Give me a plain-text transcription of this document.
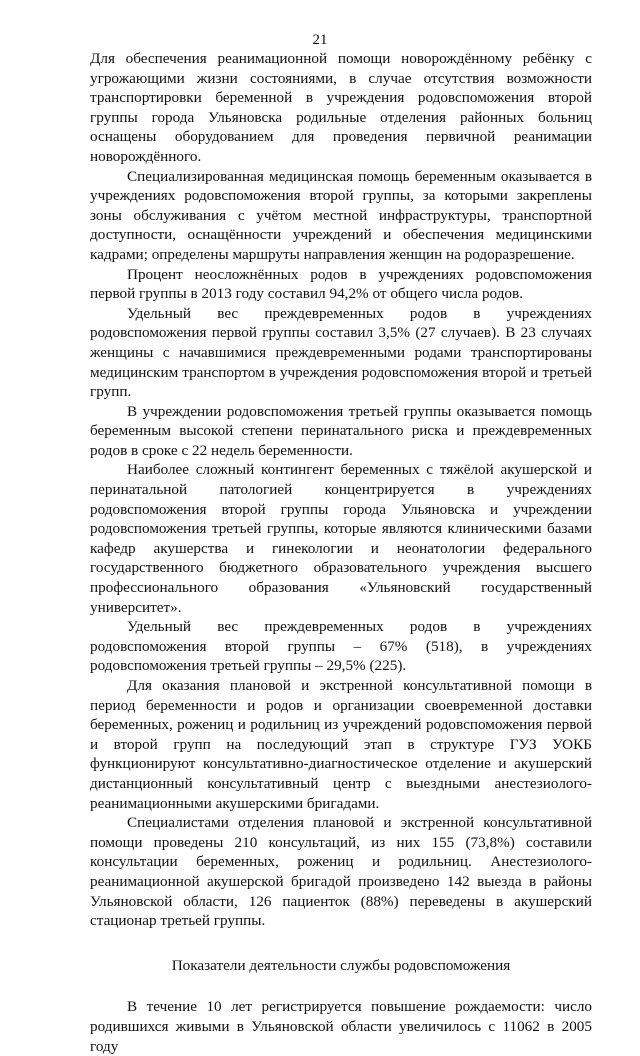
21

Для обеспечения реанимационной помощи новорождённому ребёнку с угрожающими жизни состояниями, в случае отсутствия возможности транспортировки беременной в учреждения родовспоможения второй группы города Ульяновска родильные отделения районных больниц оснащены оборудованием для проведения первичной реанимации новорождённого.

Специализированная медицинская помощь беременным оказывается в учреждениях родовспоможения второй группы, за которыми закреплены зоны обслуживания с учётом местной инфраструктуры, транспортной доступности, оснащённости учреждений и обеспечения медицинскими кадрами; определены маршруты направления женщин на родоразрешение.

Процент неосложнённых родов в учреждениях родовспоможения первой группы в 2013 году составил 94,2% от общего числа родов.

Удельный вес преждевременных родов в учреждениях родовспоможения первой группы составил 3,5% (27 случаев). В 23 случаях женщины с начавшимися преждевременными родами транспортированы медицинским транспортом в учреждения родовспоможения второй и третьей групп.

В учреждении родовспоможения третьей группы оказывается помощь беременным высокой степени перинатального риска и преждевременных родов в сроке с 22 недель беременности.

Наиболее сложный контингент беременных с тяжёлой акушерской и перинатальной патологией концентрируется в учреждениях родовспоможения второй группы города Ульяновска и учреждении родовспоможения третьей группы, которые являются клиническими базами кафедр акушерства и гинекологии и неонатологии федерального государственного бюджетного образовательного учреждения высшего профессионального образования «Ульяновский государственный университет».

Удельный вес преждевременных родов в учреждениях родовспоможения второй группы – 67% (518), в учреждениях родовспоможения третьей группы – 29,5% (225).

Для оказания плановой и экстренной консультативной помощи в период беременности и родов и организации своевременной доставки беременных, рожениц и родильниц из учреждений родовспоможения первой и второй групп на последующий этап в структуре ГУЗ УОКБ функционируют консультативно-диагностическое отделение и акушерский дистанционный консультативный центр с выездными анестезиолого-реанимационными акушерскими бригадами.

Специалистами отделения плановой и экстренной консультативной помощи проведены 210 консультаций, из них 155 (73,8%) составили консультации беременных, рожениц и родильниц. Анестезиолого-реанимационной акушерской бригадой произведено 142 выезда в районы Ульяновской области, 126 пациенток (88%) переведены в акушерский стационар третьей группы.

Показатели деятельности службы родовспоможения

В течение 10 лет регистрируется повышение рождаемости: число родившихся живыми в Ульяновской области увеличилось с 11062 в 2005 году
